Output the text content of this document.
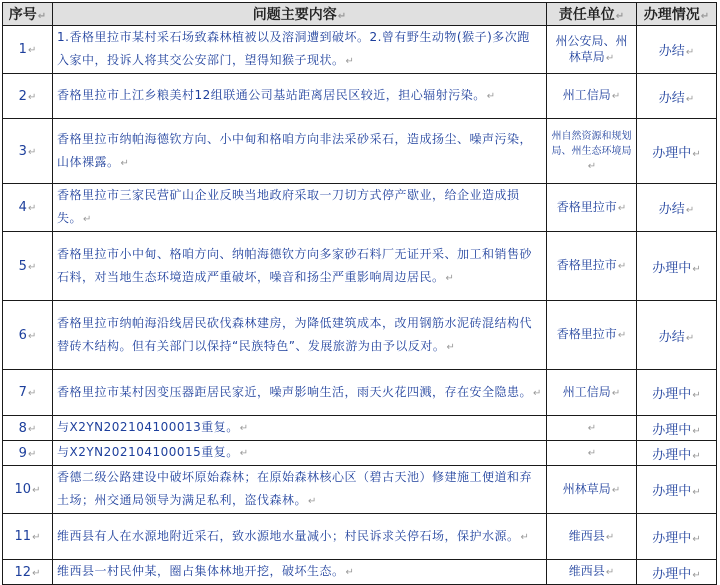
序号↵	问题主要内容↵	责任单位↵	办理情况↵
1↵	1.香格里拉市某村采石场致森林植被以及溶洞遭到破坏。2.曾有野生动物(猴子)多次跑入家中，投诉人将其交公安部门，望得知猴子现状。↵	州公安局、州林草局↵	办结↵
2↵	香格里拉市上江乡粮美村12组联通公司基站距离居民区较近，担心辐射污染。↵	州工信局↵	办结↵
3↵	香格里拉市纳帕海德钦方向、小中甸和格咱方向非法采砂采石，造成扬尘、噪声污染，山体裸露。↵	州自然资源和规划局、州生态环境局↵	办理中↵
4↵	香格里拉市三家民营矿山企业反映当地政府采取一刀切方式停产歇业，给企业造成损失。↵	香格里拉市↵	办结↵
5↵	香格里拉市小中甸、格咱方向、纳帕海德钦方向多家砂石料厂无证开采、加工和销售砂石料，对当地生态环境造成严重破坏，噪音和扬尘严重影响周边居民。↵	香格里拉市↵	办理中↵
6↵	香格里拉市纳帕海沿线居民砍伐森林建房，为降低建筑成本，改用钢筋水泥砖混结构代替砖木结构。但有关部门以保持“民族特色”、发展旅游为由予以反对。↵	香格里拉市↵	办结↵
7↵	香格里拉市某村因变压器距居民家近，噪声影响生活，雨天火花四溅，存在安全隐患。↵	州工信局↵	办理中↵
8↵	与X2YN202104100013重复。↵	↵	办理中↵
9↵	与X2YN202104100015重复。↵	↵	办理中↵
10↵	香德二级公路建设中破坏原始森林；在原始森林核心区（碧古天池）修建施工便道和弃土场；州交通局领导为满足私利，盗伐森林。↵	州林草局↵	办理中↵
11↵	维西县有人在水源地附近采石，致水源地水量减小；村民诉求关停石场，保护水源。↵	维西县↵	办理中↵
12↵	维西县一村民仲某，圈占集体林地开挖，破坏生态。↵	维西县↵	办理中↵
